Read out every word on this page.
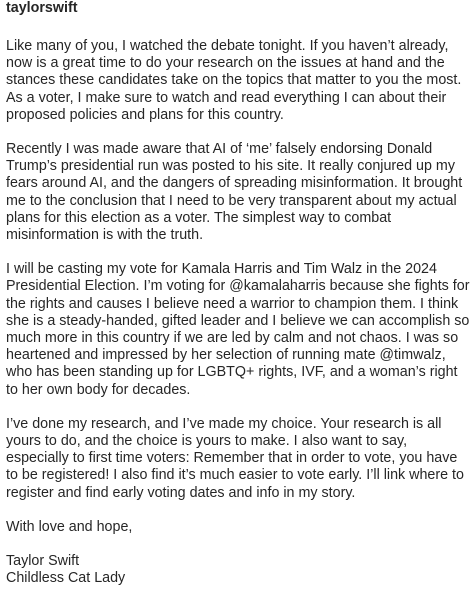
taylorswift

Like many of you, I watched the debate tonight. If you haven’t already, now is a great time to do your research on the issues at hand and the stances these candidates take on the topics that matter to you the most. As a voter, I make sure to watch and read everything I can about their proposed policies and plans for this country.

Recently I was made aware that AI of ‘me’ falsely endorsing Donald Trump’s presidential run was posted to his site. It really conjured up my fears around AI, and the dangers of spreading misinformation. It brought me to the conclusion that I need to be very transparent about my actual plans for this election as a voter. The simplest way to combat misinformation is with the truth.

I will be casting my vote for Kamala Harris and Tim Walz in the 2024 Presidential Election. I’m voting for @kamalaharris because she fights for the rights and causes I believe need a warrior to champion them. I think she is a steady-handed, gifted leader and I believe we can accomplish so much more in this country if we are led by calm and not chaos. I was so heartened and impressed by her selection of running mate @timwalz, who has been standing up for LGBTQ+ rights, IVF, and a woman’s right to her own body for decades.

I’ve done my research, and I’ve made my choice. Your research is all yours to do, and the choice is yours to make. I also want to say, especially to first time voters: Remember that in order to vote, you have to be registered! I also find it’s much easier to vote early. I’ll link where to register and find early voting dates and info in my story.

With love and hope,

Taylor Swift
Childless Cat Lady
